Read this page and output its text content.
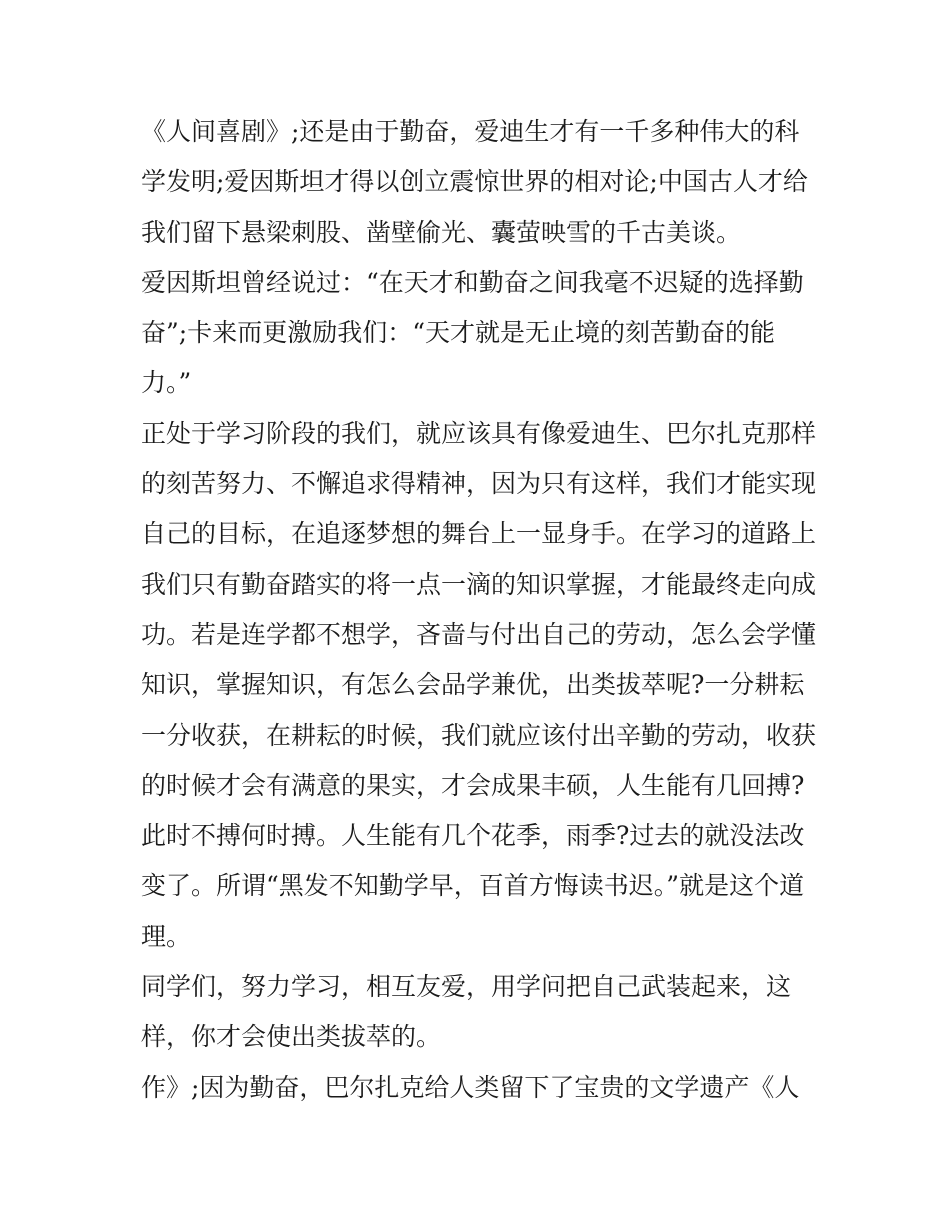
《人间喜剧》;还是由于勤奋，爱迪生才有一千多种伟大的科
学发明;爱因斯坦才得以创立震惊世界的相对论;中国古人才给
我们留下悬梁刺股、凿壁偷光、囊萤映雪的千古美谈。
爱因斯坦曾经说过：“在天才和勤奋之间我毫不迟疑的选择勤
奋”;卡来而更激励我们：“天才就是无止境的刻苦勤奋的能
力。”
正处于学习阶段的我们，就应该具有像爱迪生、巴尔扎克那样
的刻苦努力、不懈追求得精神，因为只有这样，我们才能实现
自己的目标，在追逐梦想的舞台上一显身手。在学习的道路上
我们只有勤奋踏实的将一点一滴的知识掌握，才能最终走向成
功。若是连学都不想学，吝啬与付出自己的劳动，怎么会学懂
知识，掌握知识，有怎么会品学兼优，出类拔萃呢?一分耕耘
一分收获，在耕耘的时候，我们就应该付出辛勤的劳动，收获
的时候才会有满意的果实，才会成果丰硕，人生能有几回搏?
此时不搏何时搏。人生能有几个花季，雨季?过去的就没法改
变了。所谓“黑发不知勤学早，百首方悔读书迟。”就是这个道
理。
同学们，努力学习，相互友爱，用学问把自己武装起来，这
样，你才会使出类拔萃的。
作》;因为勤奋，巴尔扎克给人类留下了宝贵的文学遗产《人
